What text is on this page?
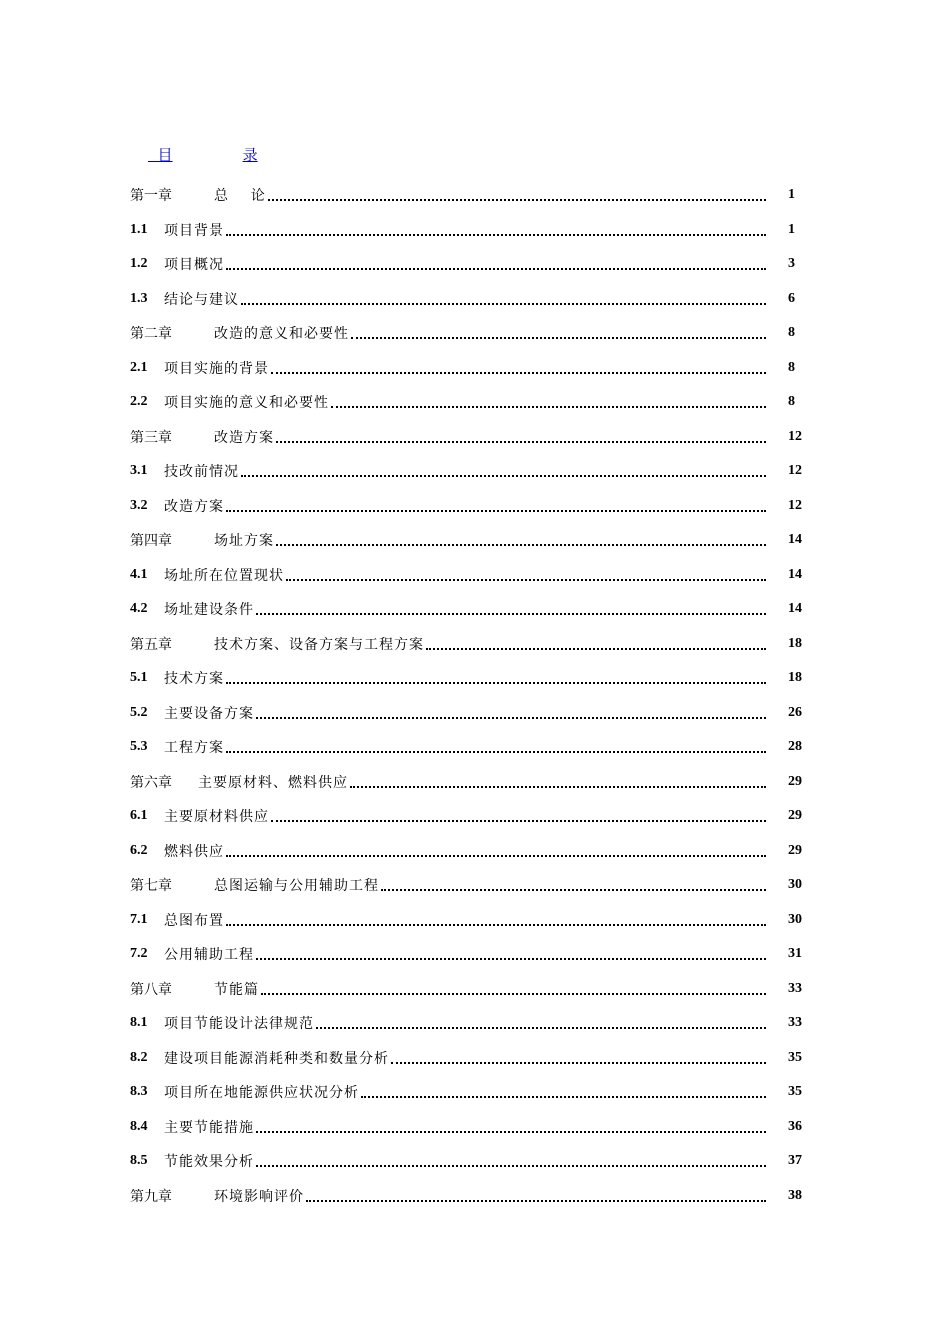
目	录

第一章	总    论	1
1.1	项目背景	1
1.2	项目概况	3
1.3	结论与建议	6
第二章	改造的意义和必要性	8
2.1	项目实施的背景	8
2.2	项目实施的意义和必要性	8
第三章	改造方案	12
3.1	技改前情况	12
3.2	改造方案	12
第四章	场址方案	14
4.1	场址所在位置现状	14
4.2	场址建设条件	14
第五章	技术方案、设备方案与工程方案	18
5.1	技术方案	18
5.2	主要设备方案	26
5.3	工程方案	28
第六章	主要原材料、燃料供应	29
6.1	主要原材料供应	29
6.2	燃料供应	29
第七章	总图运输与公用辅助工程	30
7.1	总图布置	30
7.2	公用辅助工程	31
第八章	节能篇	33
8.1	项目节能设计法律规范	33
8.2	建设项目能源消耗种类和数量分析	35
8.3	项目所在地能源供应状况分析	35
8.4	主要节能措施	36
8.5	节能效果分析	37
第九章	环境影响评价	38
